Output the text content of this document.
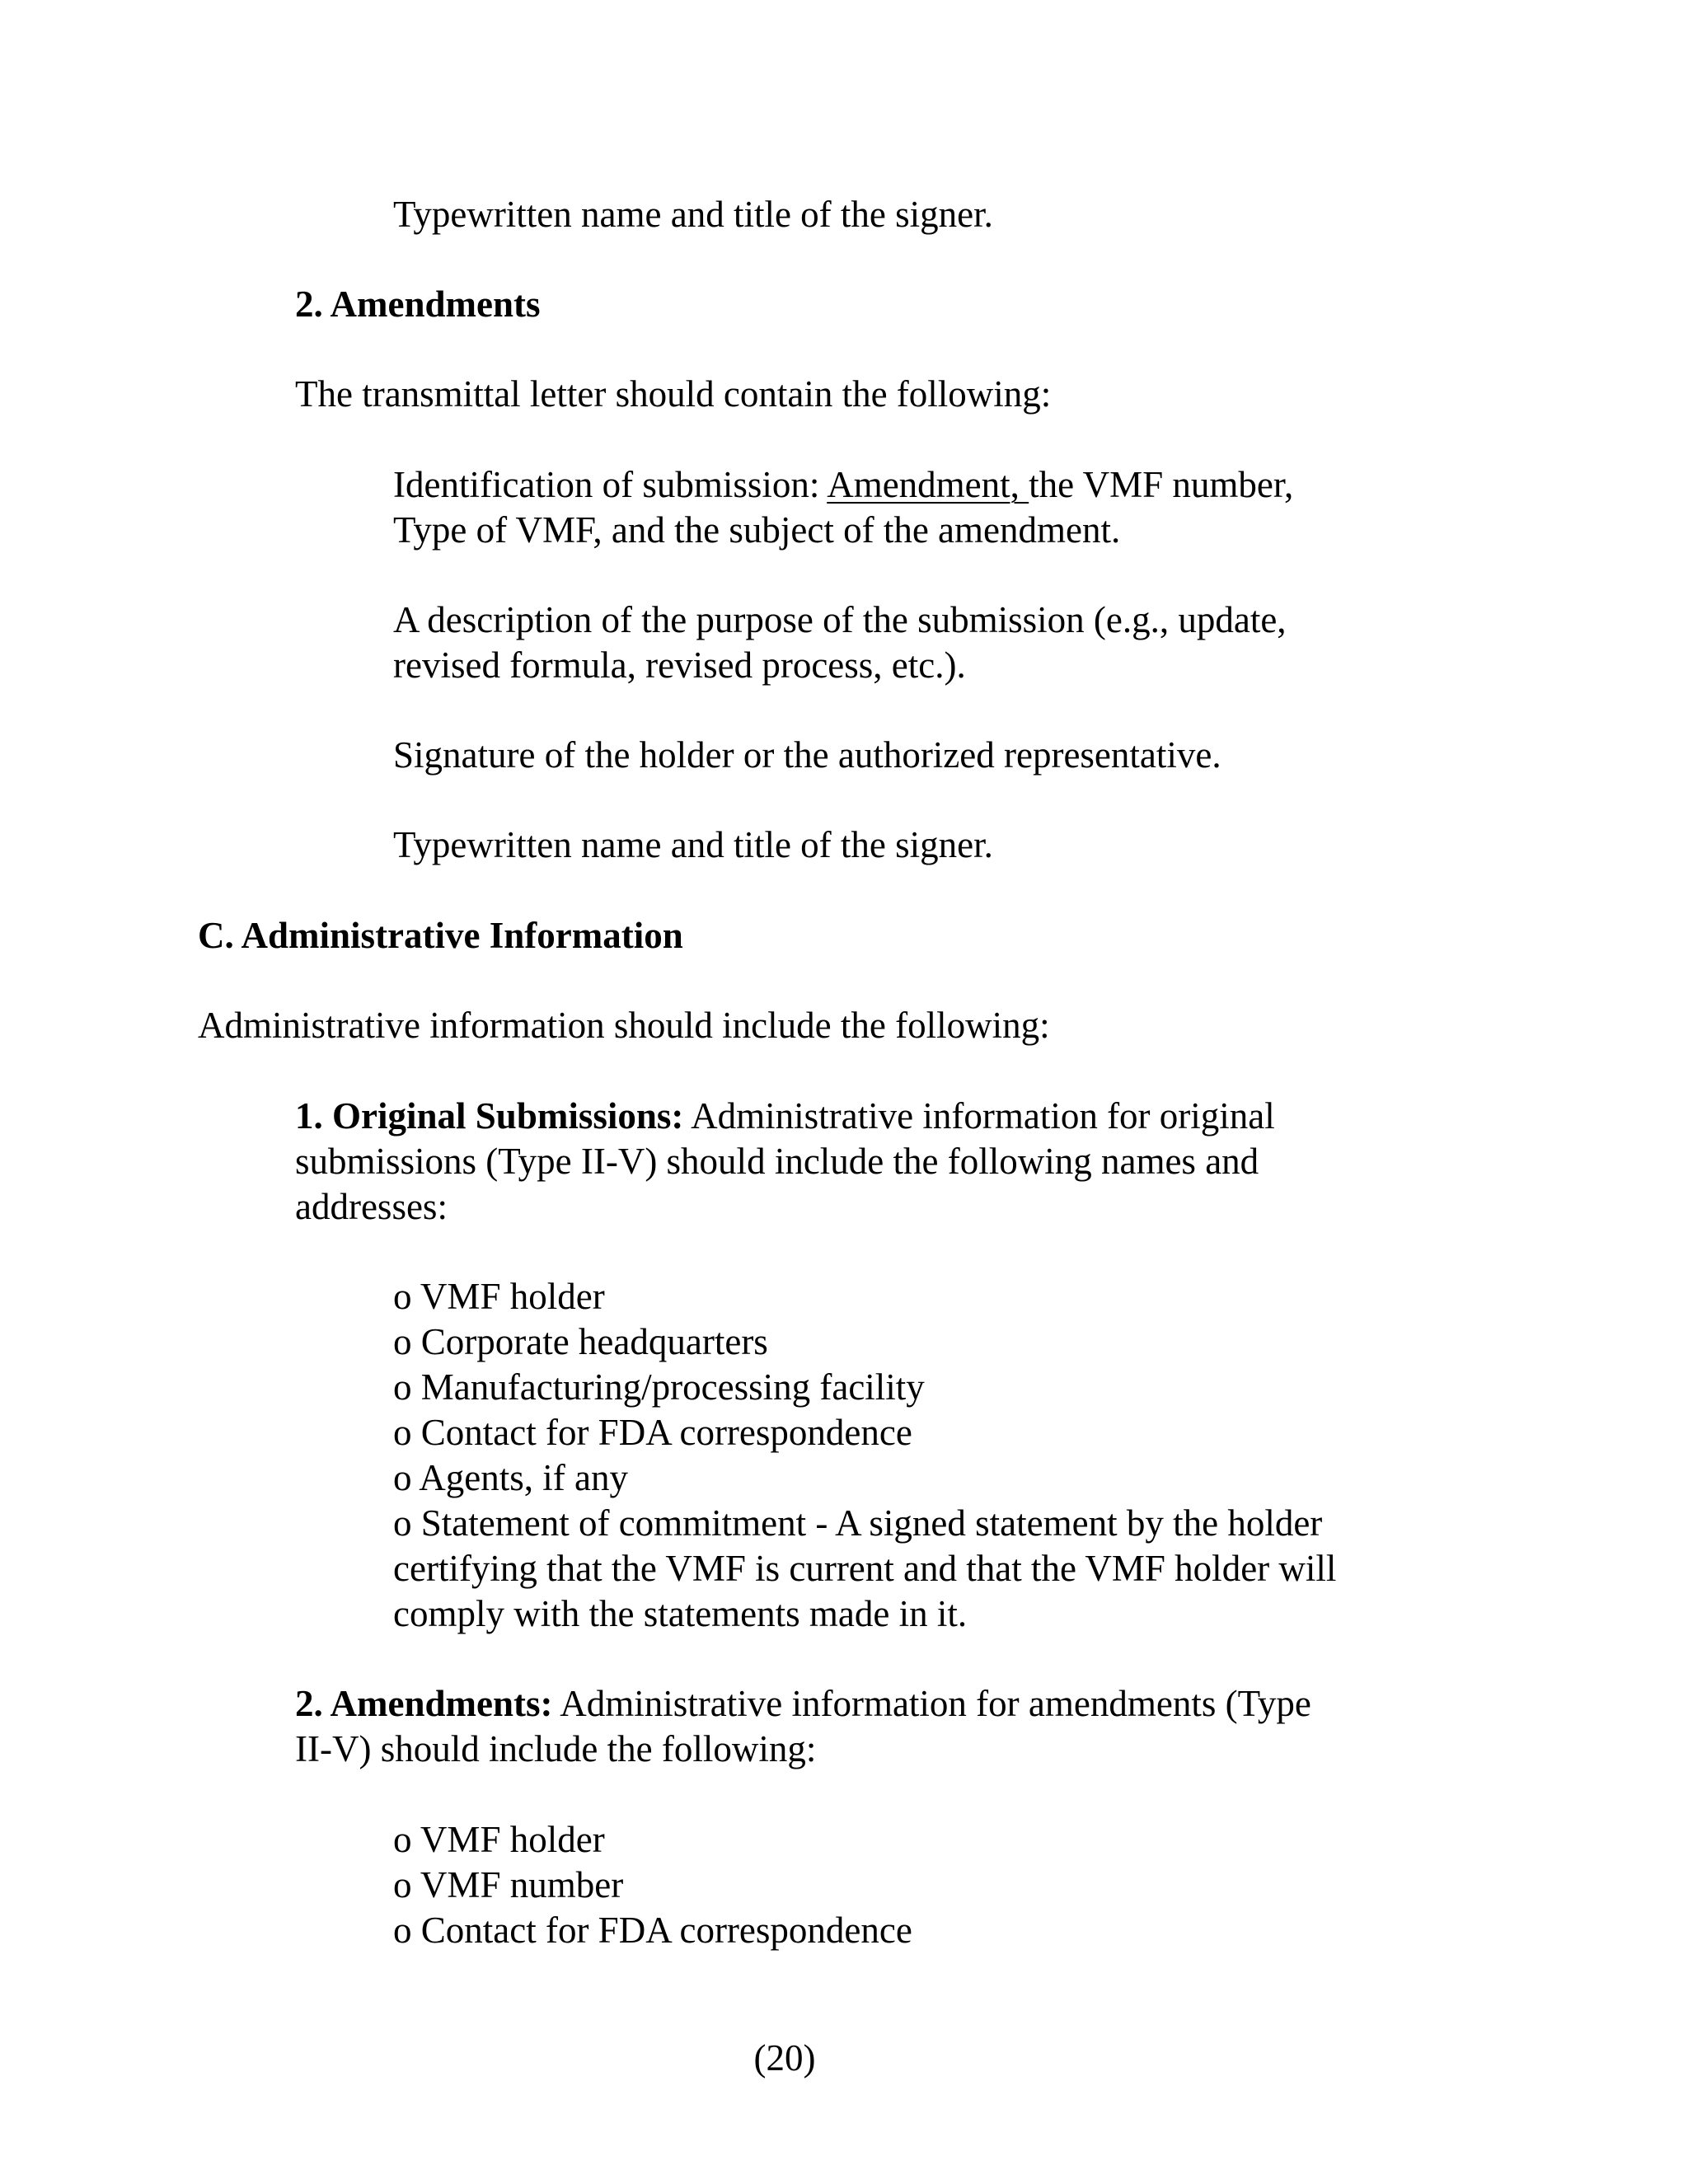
Typewritten name and title of the signer.

2. Amendments

The transmittal letter should contain the following:

Identification of submission: Amendment, the VMF number,

Type of VMF, and the subject of the amendment.

A description of the purpose of the submission (e.g., update,

revised formula, revised process, etc.).

Signature of the holder or the authorized representative.

Typewritten name and title of the signer.

C. Administrative Information

Administrative information should include the following:

1. Original Submissions: Administrative information for original

submissions (Type II-V) should include the following names and

addresses:

o VMF holder

o Corporate headquarters

o Manufacturing/processing facility

o Contact for FDA correspondence

o Agents, if any

o Statement of commitment - A signed statement by the holder

certifying that the VMF is current and that the VMF holder will

comply with the statements made in it.

2. Amendments: Administrative information for amendments (Type

II-V) should include the following:

o VMF holder

o VMF number

o Contact for FDA correspondence

(20)
